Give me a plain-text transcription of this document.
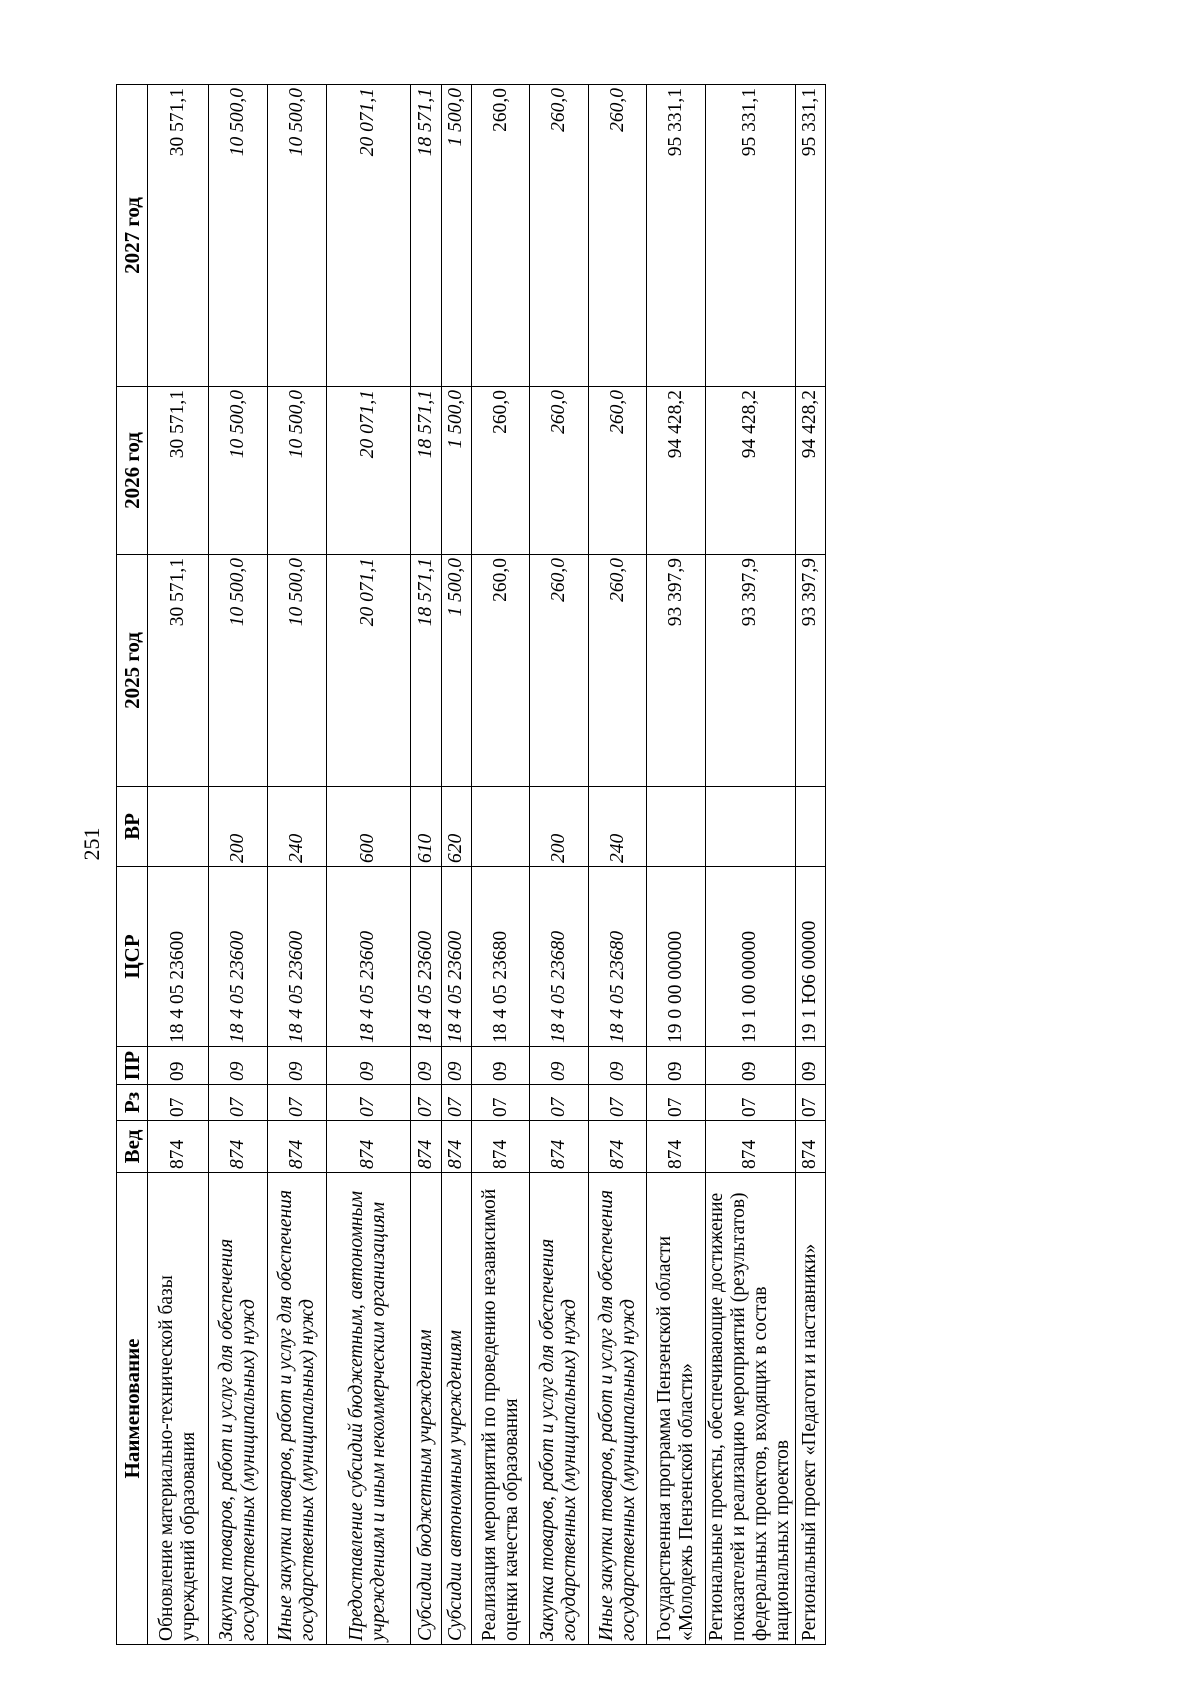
251
Наименование	Вед	Рз	ПР	ЦСР	ВР	2025 год	2026 год	2027 год
Обновление материально-технической базы учреждений образования	874	07	09	18 4 05 23600		30 571,1	30 571,1	30 571,1
Закупка товаров, работ и услуг для обеспечения государственных (муниципальных) нужд	874	07	09	18 4 05 23600	200	10 500,0	10 500,0	10 500,0
Иные закупки товаров, работ и услуг для обеспечения государственных (муниципальных) нужд	874	07	09	18 4 05 23600	240	10 500,0	10 500,0	10 500,0
Предоставление субсидий бюджетным, автономным учреждениям и иным некоммерческим организациям	874	07	09	18 4 05 23600	600	20 071,1	20 071,1	20 071,1
Субсидии бюджетным учреждениям	874	07	09	18 4 05 23600	610	18 571,1	18 571,1	18 571,1
Субсидии автономным учреждениям	874	07	09	18 4 05 23600	620	1 500,0	1 500,0	1 500,0
Реализация мероприятий по проведению независимой оценки качества образования	874	07	09	18 4 05 23680		260,0	260,0	260,0
Закупка товаров, работ и услуг для обеспечения государственных (муниципальных) нужд	874	07	09	18 4 05 23680	200	260,0	260,0	260,0
Иные закупки товаров, работ и услуг для обеспечения государственных (муниципальных) нужд	874	07	09	18 4 05 23680	240	260,0	260,0	260,0
Государственная программа Пензенской области «Молодежь Пензенской области»	874	07	09	19 0 00 00000		93 397,9	94 428,2	95 331,1
Региональные проекты, обеспечивающие достижение показателей и реализацию мероприятий (результатов) федеральных проектов, входящих в состав национальных проектов	874	07	09	19 1 00 00000		93 397,9	94 428,2	95 331,1
Региональный проект «Педагоги и наставники»	874	07	09	19 1 Ю6 00000		93 397,9	94 428,2	95 331,1
